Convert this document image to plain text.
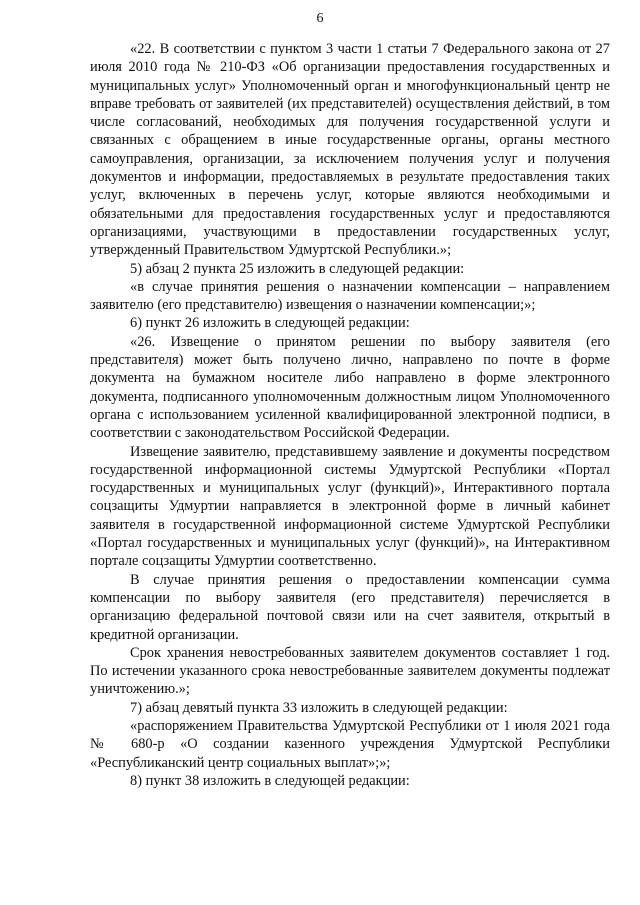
6

«22. В соответствии с пунктом 3 части 1 статьи 7 Федерального закона от 27 июля 2010 года № 210-ФЗ «Об организации предоставления государственных и муниципальных услуг» Уполномоченный орган и многофункциональный центр не вправе требовать от заявителей (их представителей) осуществления действий, в том числе согласований, необходимых для получения государственной услуги и связанных с обращением в иные государственные органы, органы местного самоуправления, организации, за исключением получения услуг и получения документов и информации, предоставляемых в результате предоставления таких услуг, включенных в перечень услуг, которые являются необходимыми и обязательными для предоставления государственных услуг и предоставляются организациями, участвующими в предоставлении государственных услуг, утвержденный Правительством Удмуртской Республики.»;

5) абзац 2 пункта 25 изложить в следующей редакции:

«в случае принятия решения о назначении компенсации – направлением заявителю (его представителю) извещения о назначении компенсации;»;

6) пункт 26 изложить в следующей редакции:

«26. Извещение о принятом решении по выбору заявителя (его представителя) может быть получено лично, направлено по почте в форме документа на бумажном носителе либо направлено в форме электронного документа, подписанного уполномоченным должностным лицом Уполномоченного органа с использованием усиленной квалифицированной электронной подписи, в соответствии с законодательством Российской Федерации.

Извещение заявителю, представившему заявление и документы посредством государственной информационной системы Удмуртской Республики «Портал государственных и муниципальных услуг (функций)», Интерактивного портала соцзащиты Удмуртии направляется в электронной форме в личный кабинет заявителя в государственной информационной системе Удмуртской Республики «Портал государственных и муниципальных услуг (функций)», на Интерактивном портале соцзащиты Удмуртии соответственно.

В случае принятия решения о предоставлении компенсации сумма компенсации по выбору заявителя (его представителя) перечисляется в организацию федеральной почтовой связи или на счет заявителя, открытый в кредитной организации.

Срок хранения невостребованных заявителем документов составляет 1 год. По истечении указанного срока невостребованные заявителем документы подлежат уничтожению.»;

7) абзац девятый пункта 33 изложить в следующей редакции:

«распоряжением Правительства Удмуртской Республики от 1 июля 2021 года № 680-р «О создании казенного учреждения Удмуртской Республики «Республиканский центр социальных выплат»;»;

8) пункт 38 изложить в следующей редакции:
